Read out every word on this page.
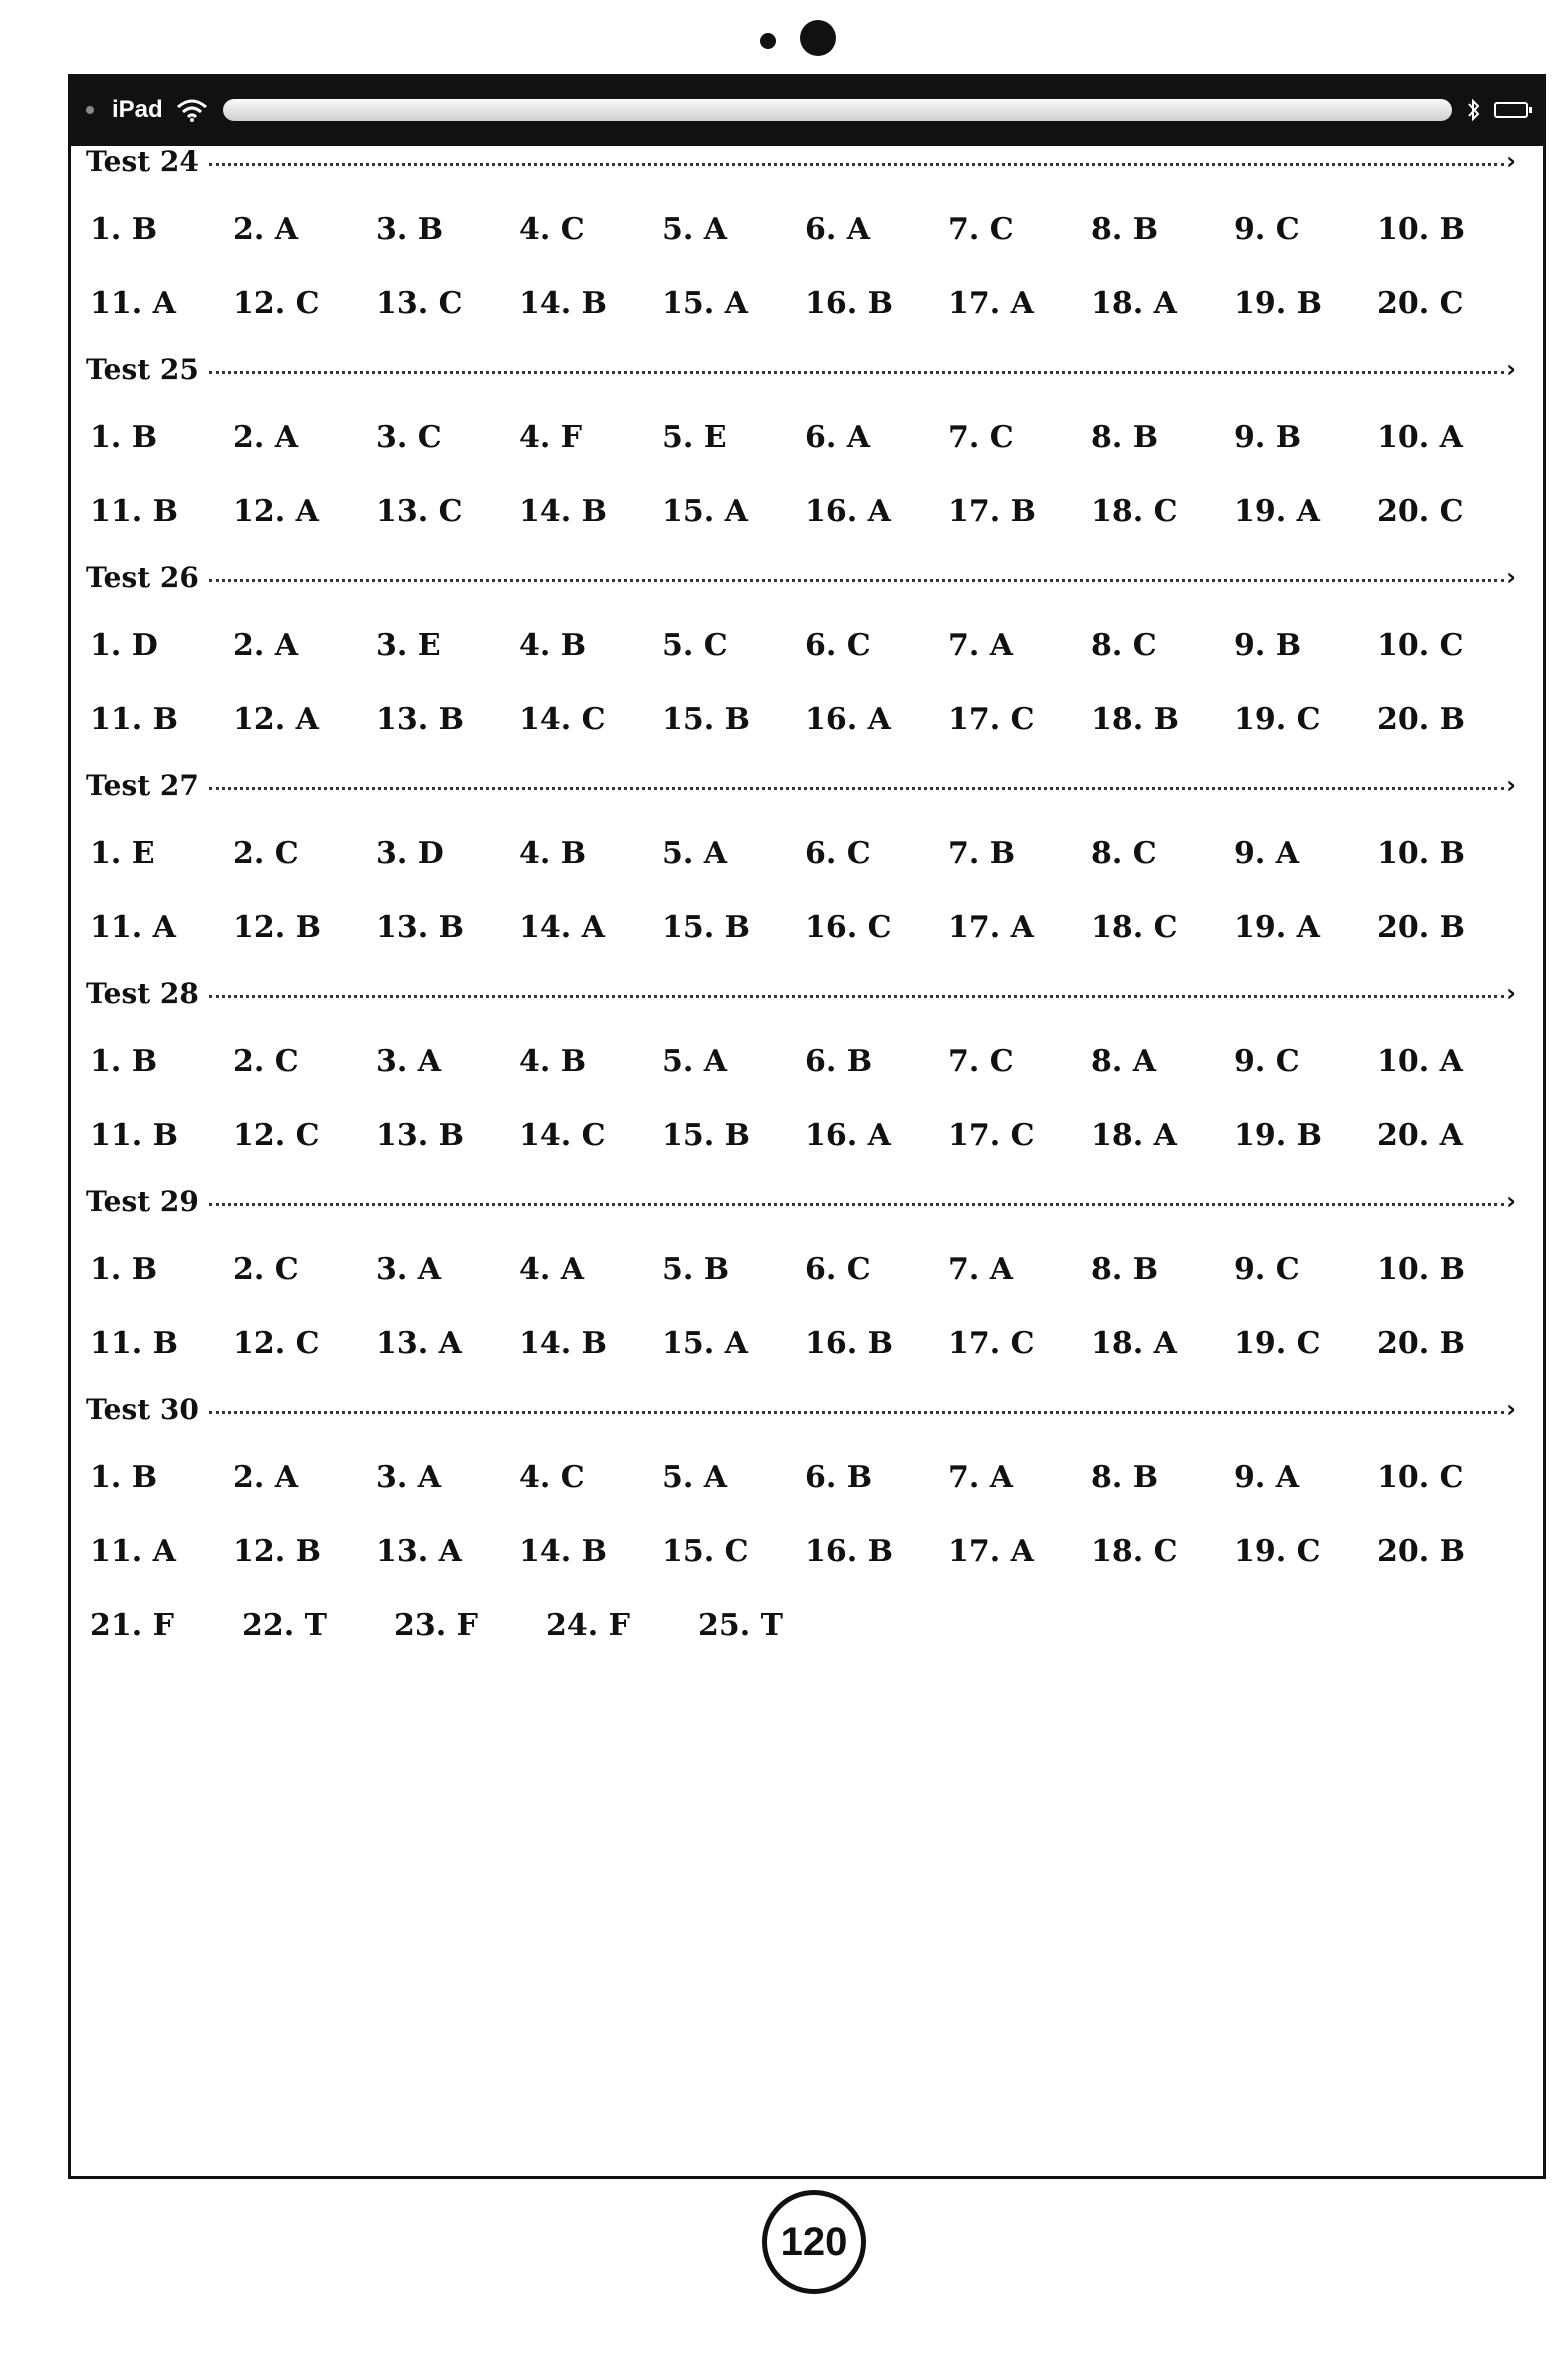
iPad
Test 24	›
1. B	2. A	3. B	4. C	5. A	6. A	7. C	8. B	9. C	10. B
11. A	12. C	13. C	14. B	15. A	16. B	17. A	18. A	19. B	20. C
Test 25	›
1. B	2. A	3. C	4. F	5. E	6. A	7. C	8. B	9. B	10. A
11. B	12. A	13. C	14. B	15. A	16. A	17. B	18. C	19. A	20. C
Test 26	›
1. D	2. A	3. E	4. B	5. C	6. C	7. A	8. C	9. B	10. C
11. B	12. A	13. B	14. C	15. B	16. A	17. C	18. B	19. C	20. B
Test 27	›
1. E	2. C	3. D	4. B	5. A	6. C	7. B	8. C	9. A	10. B
11. A	12. B	13. B	14. A	15. B	16. C	17. A	18. C	19. A	20. B
Test 28	›
1. B	2. C	3. A	4. B	5. A	6. B	7. C	8. A	9. C	10. A
11. B	12. C	13. B	14. C	15. B	16. A	17. C	18. A	19. B	20. A
Test 29	›
1. B	2. C	3. A	4. A	5. B	6. C	7. A	8. B	9. C	10. B
11. B	12. C	13. A	14. B	15. A	16. B	17. C	18. A	19. C	20. B
Test 30	›
1. B	2. A	3. A	4. C	5. A	6. B	7. A	8. B	9. A	10. C
11. A	12. B	13. A	14. B	15. C	16. B	17. A	18. C	19. C	20. B
21. F	22. T	23. F	24. F	25. T
120
